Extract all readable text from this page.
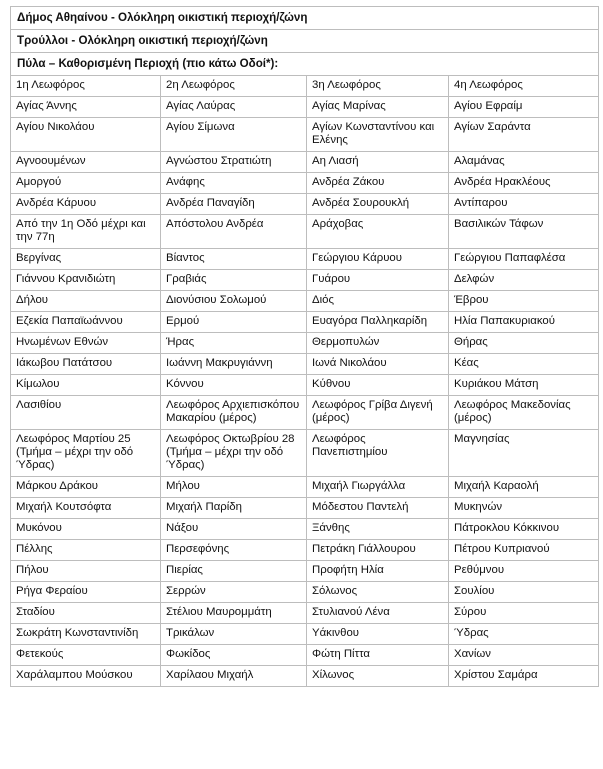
Δήμος Αθηαίνου - Ολόκληρη οικιστική περιοχή/ζώνη			
Τρούλλοι - Ολόκληρη οικιστική περιοχή/ζώνη			
Πύλα – Καθορισμένη Περιοχή (πιο κάτω Οδοί*):			
1η Λεωφόρος	2η Λεωφόρος	3η Λεωφόρος	4η Λεωφόρος
Αγίας Άννης	Αγίας Λαύρας	Αγίας Μαρίνας	Αγίου Εφραίμ
Αγίου Νικολάου	Αγίου Σίμωνα	Αγίων Κωνσταντίνου και Ελένης	Αγίων Σαράντα
Αγνοουμένων	Αγνώστου Στρατιώτη	Αη Λιασή	Αλαμάνας
Αμοργού	Ανάφης	Ανδρέα Ζάκου	Ανδρέα Ηρακλέους
Ανδρέα Κάρυου	Ανδρέα Παναγίδη	Ανδρέα Σουρουκλή	Αντίπαρου
Από την 1η Οδό μέχρι και την 77η	Απόστολου Ανδρέα	Αράχοβας	Βασιλικών Τάφων
Βεργίνας	Βίαντος	Γεώργιου Κάρυου	Γεώργιου Παπαφλέσα
Γιάννου Κρανιδιώτη	Γραβιάς	Γυάρου	Δελφών
Δήλου	Διονύσιου Σολωμού	Διός	Έβρου
Εζεκία Παπαϊωάννου	Ερμού	Ευαγόρα Παλληκαρίδη	Ηλία Παπακυριακού
Ηνωμένων Εθνών	Ήρας	Θερμοπυλών	Θήρας
Ιάκωβου Πατάτσου	Ιωάννη Μακρυγιάννη	Ιωνά Νικολάου	Κέας
Κίμωλου	Κόννου	Κύθνου	Κυριάκου Μάτση
Λασιθίου	Λεωφόρος Αρχιεπισκόπου Μακαρίου (μέρος)	Λεωφόρος Γρίβα Διγενή (μέρος)	Λεωφόρος Μακεδονίας (μέρος)
Λεωφόρος Μαρτίου 25 (Τμήμα – μέχρι την οδό Ύδρας)	Λεωφόρος Οκτωβρίου 28 (Τμήμα – μέχρι την οδό Ύδρας)	Λεωφόρος Πανεπιστημίου	Μαγνησίας
Μάρκου Δράκου	Μήλου	Μιχαήλ Γιωργάλλα	Μιχαήλ Καραολή
Μιχαήλ Κουτσόφτα	Μιχαήλ Παρίδη	Μόδεστου Παντελή	Μυκηνών
Μυκόνου	Νάξου	Ξάνθης	Πάτροκλου Κόκκινου
Πέλλης	Περσεφόνης	Πετράκη Γιάλλουρου	Πέτρου Κυπριανού
Πήλου	Πιερίας	Προφήτη Ηλία	Ρεθύμνου
Ρήγα Φεραίου	Σερρών	Σόλωνος	Σουλίου
Σταδίου	Στέλιου Μαυρομμάτη	Στυλιανού Λένα	Σύρου
Σωκράτη Κωνσταντινίδη	Τρικάλων	Υάκινθου	Ύδρας
Φετεκούς	Φωκίδος	Φώτη Πίττα	Χανίων
Χαράλαμπου Μούσκου	Χαρίλαου Μιχαήλ	Χίλωνος	Χρίστου Σαμάρα
